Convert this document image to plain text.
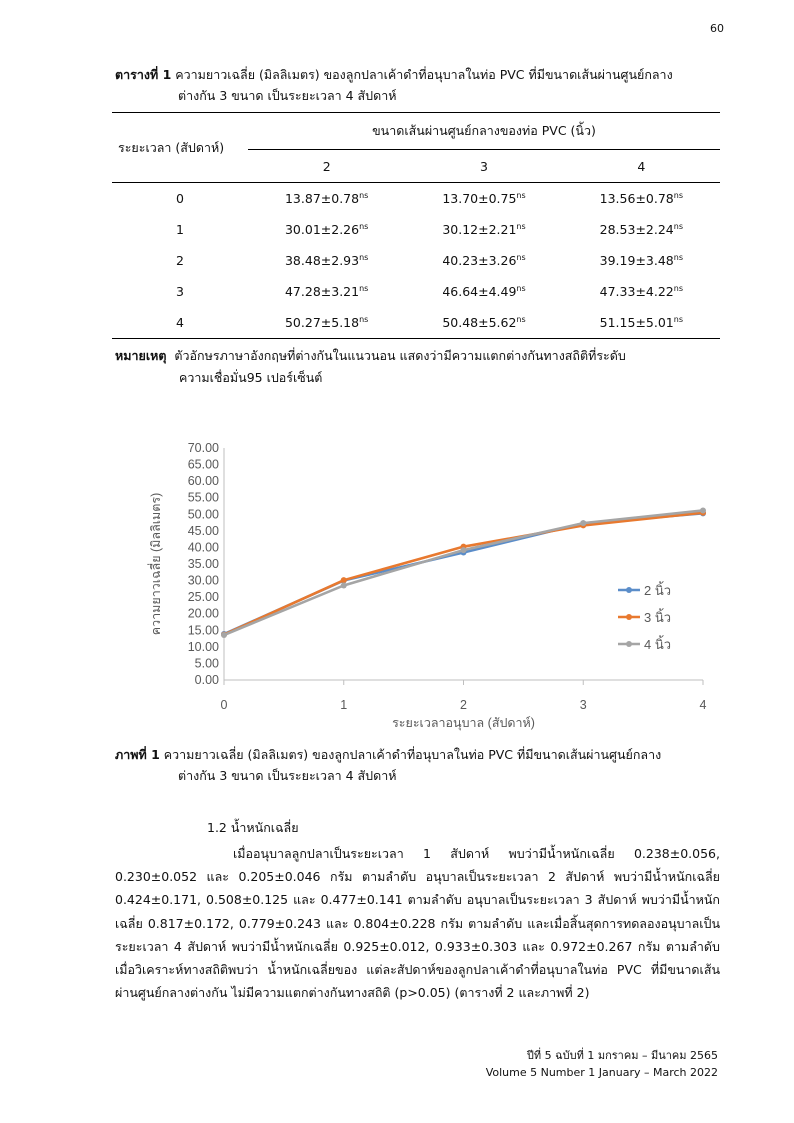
60
ตารางที่ 1 ความยาวเฉลี่ย (มิลลิเมตร) ของลูกปลาเค้าดำที่อนุบาลในท่อ PVC ที่มีขนาดเส้นผ่านศูนย์กลาง
ต่างกัน 3 ขนาด เป็นระยะเวลา 4 สัปดาห์
ระยะเวลา (สัปดาห์)	ขนาดเส้นผ่านศูนย์กลางของท่อ PVC (นิ้ว)		
	2	3	4
0	$13.87\pm 0.78^{ns}$	$13.70\pm 0.75^{ns}$	$13.56\pm 0.78^{ns}$
1	$30.01\pm 2.26^{ns}$	$30.12\pm 2.21^{ns}$	$28.53\pm 2.24^{ns}$
2	$38.48\pm 2.93^{ns}$	$40.23\pm 3.26^{ns}$	$39.19\pm 3.48^{ns}$
3	$47.28\pm 3.21^{ns}$	$46.64\pm 4.49^{ns}$	$47.33\pm 4.22^{ns}$
4	$50.27\pm 5.18^{ns}$	$50.48\pm 5.62^{ns}$	$51.15\pm 5.01^{ns}$
หมายเหตุ ตัวอักษรภาษาอังกฤษที่ต่างกันในแนวนอน แสดงว่ามีความแตกต่างกันทางสถิติที่ระดับ
ความเชื่อมั่น95 เปอร์เซ็นต์
0.00
5.00
10.00
15.00
20.00
25.00
30.00
35.00
40.00
45.00
50.00
55.00
60.00
65.00
70.00
0	1	2	3	4
ระยะเวลาอนุบาล (สัปดาห์)
ความยาวเฉลี่ย (มิลลิเมตร)	2 นิ้ว
3 นิ้ว
4 นิ้ว
ภาพที่ 1 ความยาวเฉลี่ย (มิลลิเมตร) ของลูกปลาเค้าดำที่อนุบาลในท่อ PVC ที่มีขนาดเส้นผ่านศูนย์กลาง
ต่างกัน 3 ขนาด เป็นระยะเวลา 4 สัปดาห์
1.2 น้ำหนักเฉลี่ย
เมื่ออนุบาลลูกปลาเป็นระยะเวลา 1 สัปดาห์ พบว่ามีน้ำหนักเฉลี่ย 0.238±0.056, 0.230±0.052 และ 0.205±0.046 กรัม ตามลำดับ อนุบาลเป็นระยะเวลา 2 สัปดาห์ พบว่ามีน้ำหนักเฉลี่ย 0.424±0.171, 0.508±0.125 และ 0.477±0.141 ตามลำดับ อนุบาลเป็นระยะเวลา 3 สัปดาห์ พบว่ามีน้ำหนักเฉลี่ย 0.817±0.172, 0.779±0.243 และ 0.804±0.228 กรัม ตามลำดับ และเมื่อสิ้นสุดการทดลองอนุบาลเป็นระยะเวลา 4 สัปดาห์ พบว่ามีน้ำหนักเฉลี่ย 0.925±0.012, 0.933±0.303 และ 0.972±0.267 กรัม ตามลำดับ เมื่อวิเคราะห์ทางสถิติพบว่า น้ำหนักเฉลี่ยของ แต่ละสัปดาห์ของลูกปลาเค้าดำที่อนุบาลในท่อ PVC ที่มีขนาดเส้นผ่านศูนย์กลางต่างกัน ไม่มีความแตกต่างกันทางสถิติ (p>0.05) (ตารางที่ 2 และภาพที่ 2)
ปีที่ 5 ฉบับที่ 1 มกราคม – มีนาคม 2565
Volume 5 Number 1 January – March 2022
